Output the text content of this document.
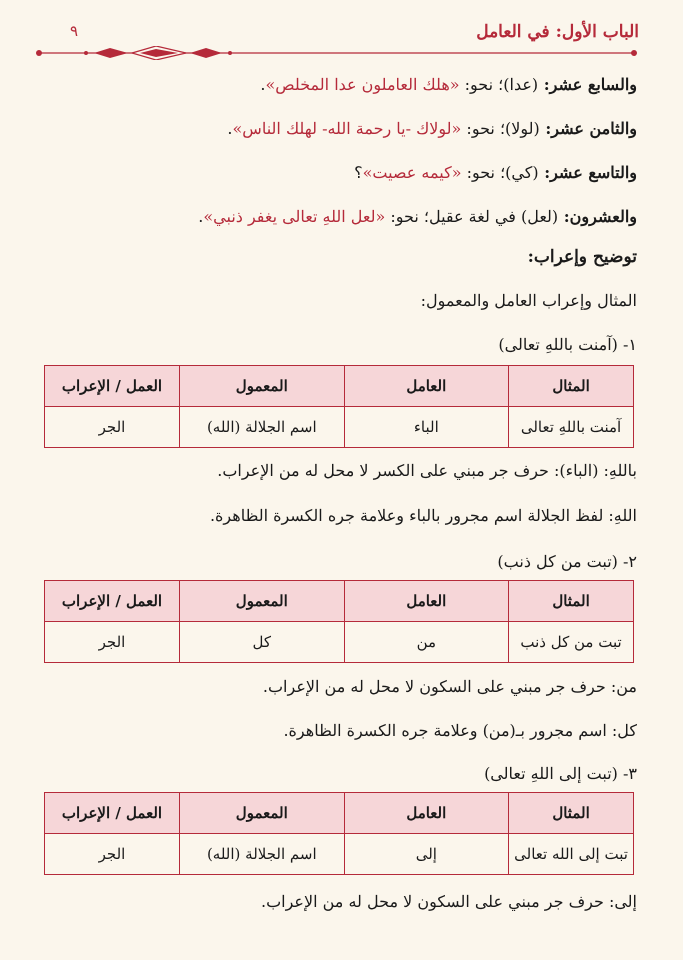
الباب الأول: في العامل
٩
والسابع عشر: (عدا)؛ نحو: «هلك العاملون عدا المخلص».
والثامن عشر: (لولا)؛ نحو: «لولاك -يا رحمة الله- لهلك الناس».
والتاسع عشر: (كي)؛ نحو: «كيمه عصيت»؟
والعشرون: (لعل) في لغة عقيل؛ نحو: «لعل اللهِ تعالى يغفر ذنبي».
توضيح وإعراب:
المثال وإعراب العامل والمعمول:
١- (آمنت باللهِ تعالى)
المثال	العامل	المعمول	العمل / الإعراب
آمنت باللهِ تعالى	الباء	اسم الجلالة (الله)	الجر
باللهِ: (الباء): حرف جر مبني على الكسر لا محل له من الإعراب.
اللهِ: لفظ الجلالة اسم مجرور بالباء وعلامة جره الكسرة الظاهرة.
٢- (تبت من كل ذنب)
المثال	العامل	المعمول	العمل / الإعراب
تبت من كل ذنب	من	كل	الجر
من: حرف جر مبني على السكون لا محل له من الإعراب.
كل: اسم مجرور بـ(من) وعلامة جره الكسرة الظاهرة.
٣- (تبت إلى اللهِ تعالى)
المثال	العامل	المعمول	العمل / الإعراب
تبت إلى الله تعالى	إلى	اسم الجلالة (الله)	الجر
إلى: حرف جر مبني على السكون لا محل له من الإعراب.
